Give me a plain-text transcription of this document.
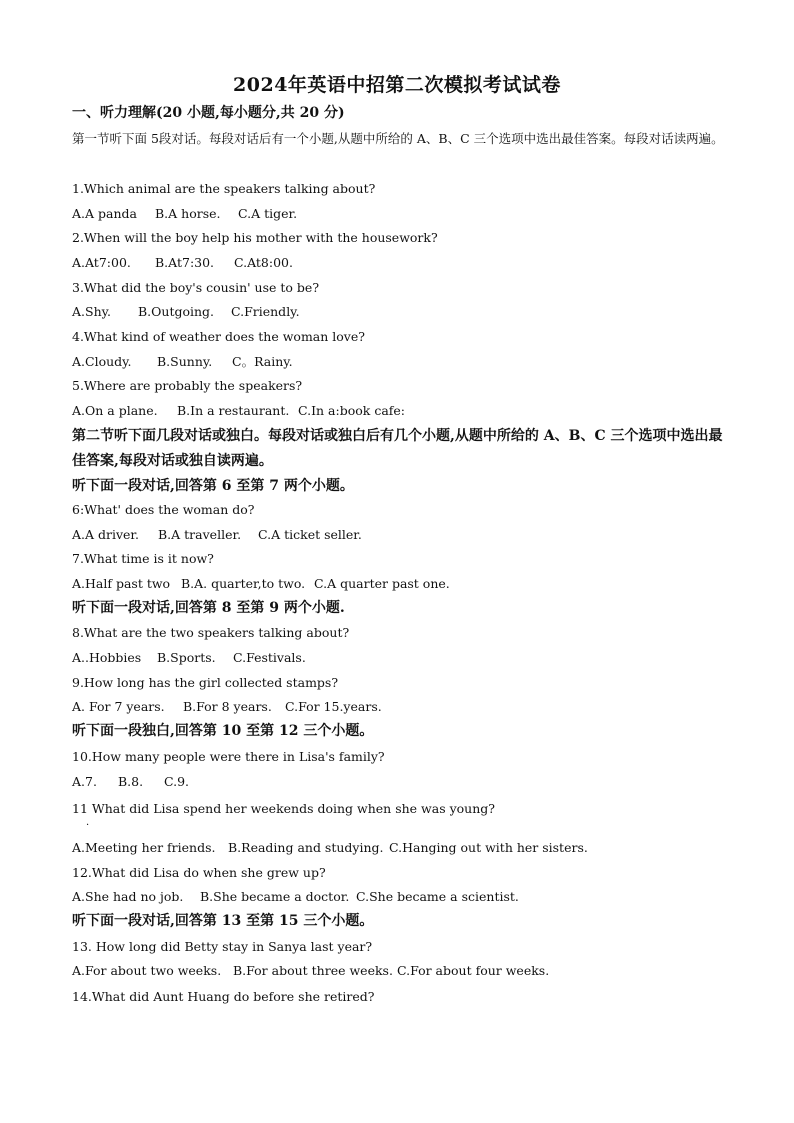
2024年英语中招第二次模拟考试试卷
一、听力理解(20 小题,每小题分,共 20 分)
第一节听下面 5段对话。每段对话后有一个小题,从题中所给的 A、B、C 三个选项中选出最佳答案。每段对话读两遍。
1.Which animal are the speakers talking about?
A.A panda B.A horse. C.A tiger.
2.When will the boy help his mother with the housework?
A.At7:00. B.At7:30. C.At8:00.
3.What did the boy's cousin' use to be?
A.Shy. B.Outgoing. C.Friendly.
4.What kind of weather does the woman love?
A.Cloudy. B.Sunny. C。Rainy.
5.Where are probably the speakers?
A.On a plane. B.In a restaurant. C.In a:book cafe:
第二节听下面几段对话或独白。每段对话或独白后有几个小题,从题中所给的 A、B、C 三个选项中选出最佳答案,每段对话或独自读两遍。
听下面一段对话,回答第 6 至第 7 两个小题。
6:What' does the woman do?
A.A driver. B.A traveller. C.A ticket seller.
7.What time is it now?
A.Half past two B.A. quarter,to two. C.A quarter past one.
听下面一段对话,回答第 8 至第 9 两个小题.
8.What are the two speakers talking about?
A..Hobbies B.Sports. C.Festivals.
9.How long has the girl collected stamps?
A. For 7 years. B.For 8 years. C.For 15.years.
听下面一段独白,回答第 10 至第 12 三个小题。
10.How many people were there in Lisa's family?
A.7. B.8. C.9.
11 What did Lisa spend her weekends doing when she was young?
·
A.Meeting her friends. B.Reading and studying. C.Hanging out with her sisters.
12.What did Lisa do when she grew up?
A.She had no job. B.She became a doctor. C.She became a scientist.
听下面一段对话,回答第 13 至第 15 三个小题。
13. How long did Betty stay in Sanya last year?
A.For about two weeks. B.For about three weeks. C.For about four weeks.
14.What did Aunt Huang do before she retired?
